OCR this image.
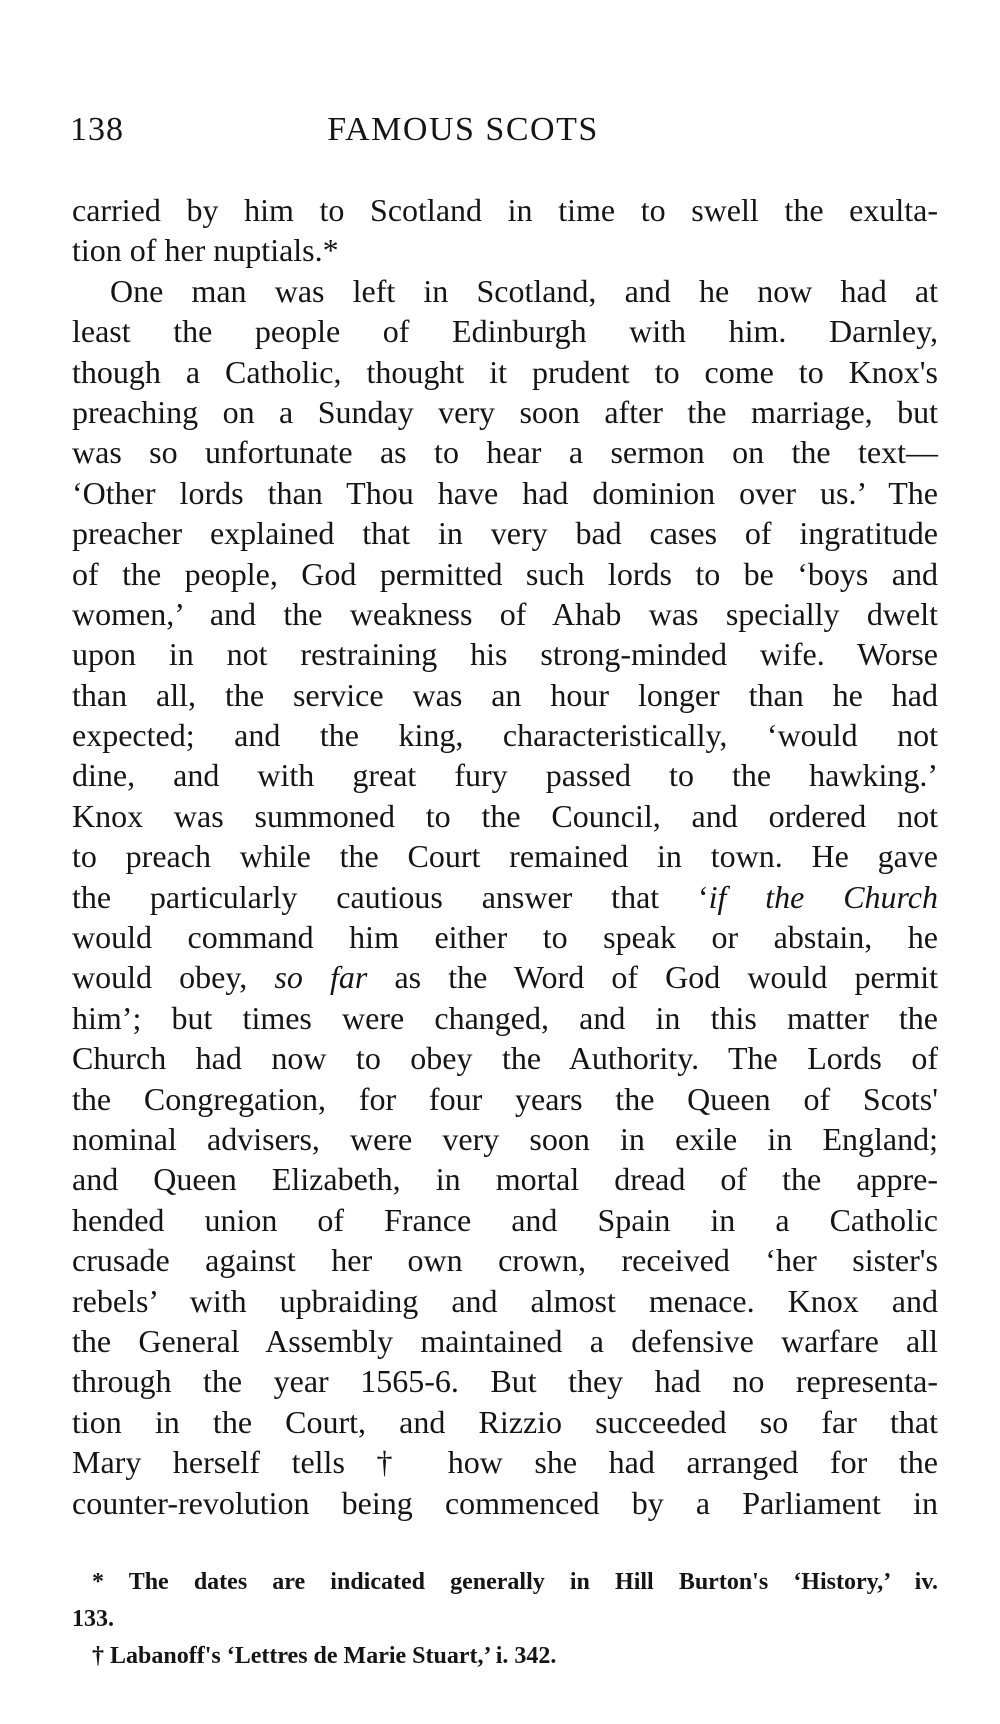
138	FAMOUS SCOTS
carried by him to Scotland in time to swell the exulta-
tion of her nuptials.*
One man was left in Scotland, and he now had at
least the people of Edinburgh with him. Darnley,
though a Catholic, thought it prudent to come to Knox's
preaching on a Sunday very soon after the marriage, but
was so unfortunate as to hear a sermon on the text—
‘Other lords than Thou have had dominion over us.’ The
preacher explained that in very bad cases of ingratitude
of the people, God permitted such lords to be ‘boys and
women,’ and the weakness of Ahab was specially dwelt
upon in not restraining his strong-minded wife. Worse
than all, the service was an hour longer than he had
expected; and the king, characteristically, ‘would not
dine, and with great fury passed to the hawking.’
Knox was summoned to the Council, and ordered not
to preach while the Court remained in town. He gave
the particularly cautious answer that ‘if the Church
would command him either to speak or abstain, he
would obey, so far as the Word of God would permit
him’; but times were changed, and in this matter the
Church had now to obey the Authority. The Lords of
the Congregation, for four years the Queen of Scots'
nominal advisers, were very soon in exile in England;
and Queen Elizabeth, in mortal dread of the appre-
hended union of France and Spain in a Catholic
crusade against her own crown, received ‘her sister's
rebels’ with upbraiding and almost menace. Knox and
the General Assembly maintained a defensive warfare all
through the year 1565-6. But they had no representa-
tion in the Court, and Rizzio succeeded so far that
Mary herself tells † how she had arranged for the
counter-revolution being commenced by a Parliament in
* The dates are indicated generally in Hill Burton's ‘History,’ iv.
133.
† Labanoff's ‘Lettres de Marie Stuart,’ i. 342.
